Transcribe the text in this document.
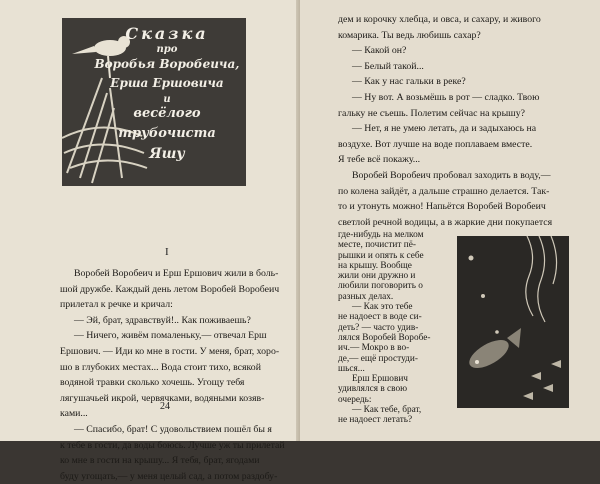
Сказка
про
Воробья Воробеича,
Ерша Ершовича
и
весёлого
трубочиста
Яшу
I

Воробей Воробеич и Ерш Ершович жили в боль-

шой дружбе. Каждый день летом Воробей Воробеич

прилетал к речке и кричал:

— Эй, брат, здравствуй!.. Как поживаешь?

— Ничего, живём помаленьку,— отвечал Ерш

Ершович. — Иди ко мне в гости. У меня, брат, хоро-

шо в глубоких местах... Вода стоит тихо, всякой

водяной травки сколько хочешь. Угощу тебя

лягушачьей икрой, червячками, водяными козяв-

ками...

— Спасибо, брат! С удовольствием пошёл бы я

к тебе в гости, да воды боюсь. Лучше уж ты прилетай

ко мне в гости на крышу... Я тебя, брат, ягодами

буду угощать,— у меня целый сад, а потом раздобу-

24

дем и корочку хлебца, и овса, и сахару, и живого

комарика. Ты ведь любишь сахар?

— Какой он?

— Белый такой...

— Как у нас гальки в реке?

— Ну вот. А возьмёшь в рот — сладко. Твою

гальку не съешь. Полетим сейчас на крышу?

— Нет, я не умею летать, да и задыхаюсь на

воздухе. Вот лучше на воде поплаваем вместе.

Я тебе всё покажу...

Воробей Воробеич пробовал заходить в воду,—

по колена зайдёт, а дальше страшно делается. Так-

то и утонуть можно! Напьётся Воробей Воробеич

светлой речной водицы, а в жаркие дни покупается

где-нибудь на мелком

месте, почистит пё-

рышки и опять к себе

на крышу. Вообще

жили они дружно и

любили поговорить о

разных делах.

— Как это тебе

не надоест в воде си-

деть? — часто удив-

лялся Воробей Воробе-

ич.— Мокро в во-

де,— ещё простуди-

шься...

Ерш Ершович

удивлялся в свою

очередь:

— Как тебе, брат,

не надоест летать?
